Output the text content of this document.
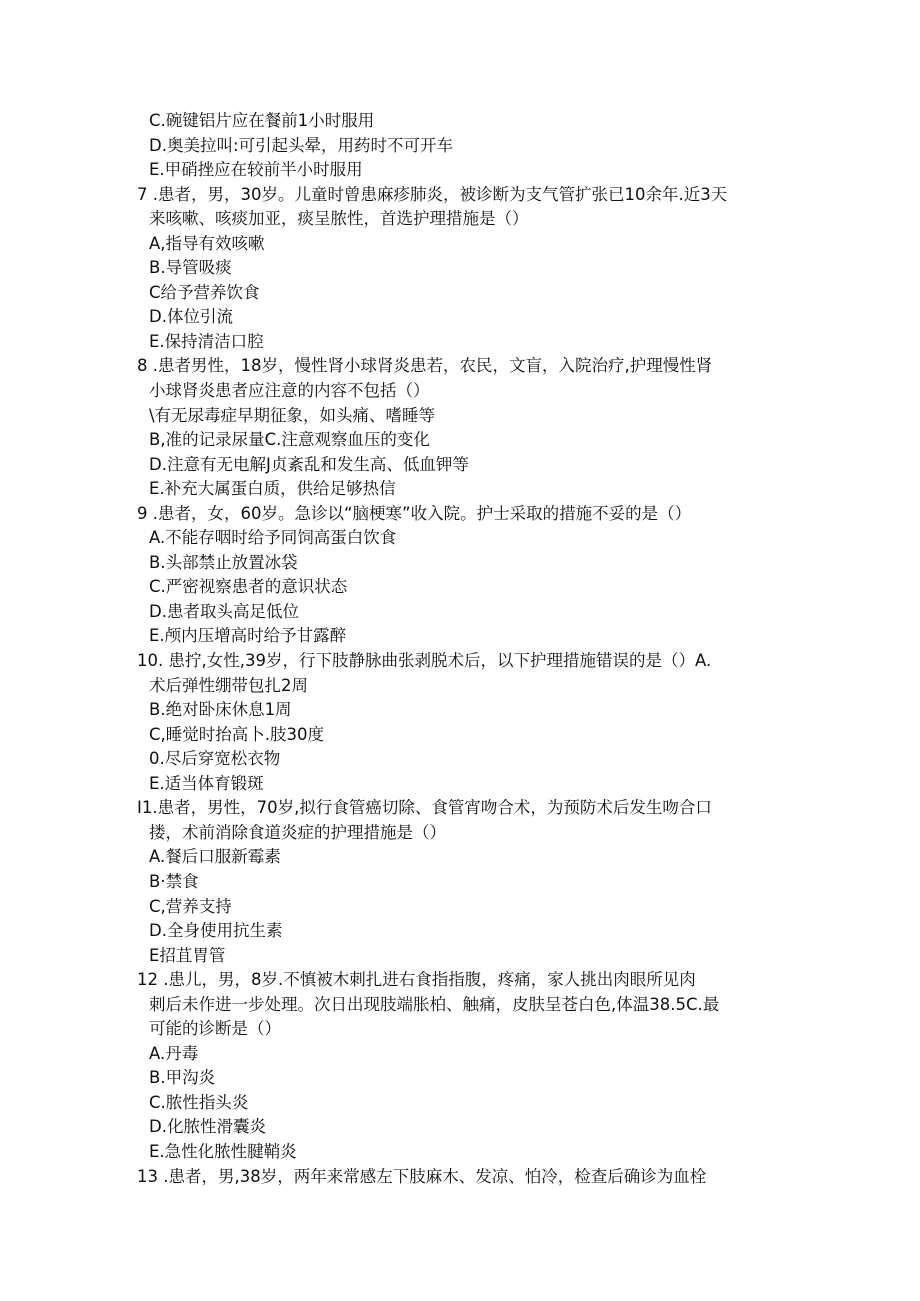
C.碗键铝片应在餐前1小时服用
D.奥美拉叫:可引起头晕，用药时不可开车
E.甲硝挫应在较前半小时服用
7 .患者，男，30岁。儿童时曾患麻疹肺炎，被诊断为支气管扩张已10余年.近3天
来咳嗽、咳痰加亚，痰呈脓性，首选护理措施是（）
A,指导有效咳嗽
B.导管吸痰
C给予营养饮食
D.体位引流
E.保持清洁口腔
8 .患者男性，18岁，慢性肾小球肾炎患若，农民，文盲，入院治疗,护理慢性肾
小球肾炎患者应注意的内容不包括（）
\有无尿毒症早期征象，如头痛、嗜睡等
B,准的记录尿量C.注意观察血压的变化
D.注意有无电解J贞紊乱和发生高、低血钾等
E.补充大属蛋白质，供给足够热信
9 .患者，女，60岁。急诊以“脑梗寒”收入院。护士采取的措施不妥的是（）
A.不能存咽时给予同饲高蛋白饮食
B.头部禁止放置冰袋
C.严密视察患者的意识状态
D.患者取头高足低位
E.颅内压增高时给予甘露醉
10. 患拧,女性,39岁，行下肢静脉曲张剥脱术后，以下护理措施错误的是（）A.
术后弹性绷带包扎2周
B.绝对卧床休息1周
C,睡觉时抬高卜.肢30度
0.尽后穿宽松衣物
E.适当体育锻斑
I1.患者，男性，70岁,拟行食管癌切除、食管宵吻合术，为预防术后发生吻合口
搂，术前消除食道炎症的护理措施是（）
A.餐后口服新霉素
B·禁食
C,营养支持
D.全身使用抗生素
E招苴胃管
12 .患儿，男，8岁.不慎被木刺扎进右食指指腹，疼痛，家人挑出肉眼所见肉
刺后未作进一步处理。次日出现肢端胀柏、触痛，皮肤呈苍白色,体温38.5C.最
可能的诊断是（）
A.丹毒
B.甲沟炎
C.脓性指头炎
D.化脓性滑囊炎
E.急性化脓性腱鞘炎
13 .患者，男,38岁，两年来常感左下肢麻木、发凉、怕冷，检查后确诊为血栓
